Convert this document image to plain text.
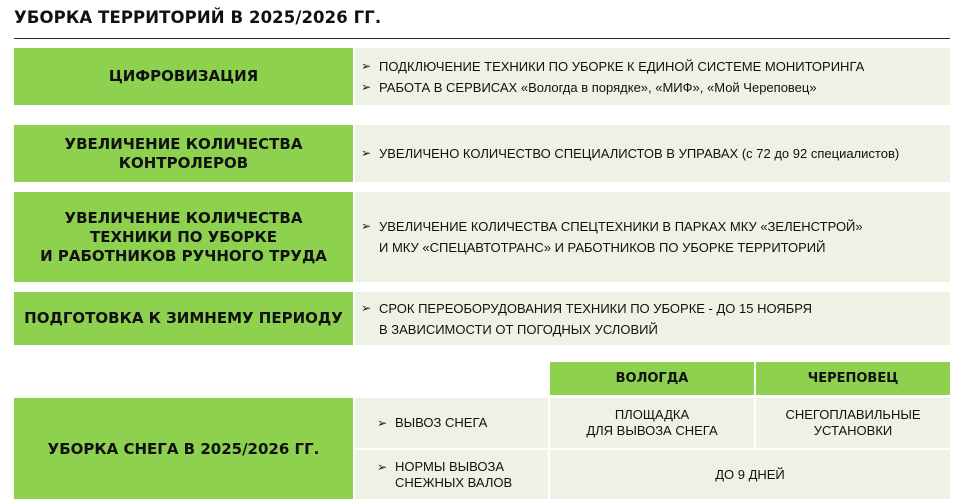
УБОРКА ТЕРРИТОРИЙ В 2025/2026 ГГ.
ЦИФРОВИЗАЦИЯ
➢ ПОДКЛЮЧЕНИЕ ТЕХНИКИ ПО УБОРКЕ К ЕДИНОЙ СИСТЕМЕ МОНИТОРИНГА
➢ РАБОТА В СЕРВИСАХ «Вологда в порядке», «МИФ», «Мой Череповец»
УВЕЛИЧЕНИЕ КОЛИЧЕСТВА
КОНТРОЛЕРОВ
➢ УВЕЛИЧЕНО КОЛИЧЕСТВО СПЕЦИАЛИСТОВ В УПРАВАХ (с 72 до 92 специалистов)
УВЕЛИЧЕНИЕ КОЛИЧЕСТВА
ТЕХНИКИ ПО УБОРКЕ
И РАБОТНИКОВ РУЧНОГО ТРУДА
➢ УВЕЛИЧЕНИЕ КОЛИЧЕСТВА СПЕЦТЕХНИКИ В ПАРКАХ МКУ «ЗЕЛЕНСТРОЙ»
И МКУ «СПЕЦАВТОТРАНС» И РАБОТНИКОВ ПО УБОРКЕ ТЕРРИТОРИЙ
ПОДГОТОВКА К ЗИМНЕМУ ПЕРИОДУ
➢ СРОК ПЕРЕОБОРУДОВАНИЯ ТЕХНИКИ ПО УБОРКЕ - ДО 15 НОЯБРЯ
В ЗАВИСИМОСТИ ОТ ПОГОДНЫХ УСЛОВИЙ
ВОЛОГДА	ЧЕРЕПОВЕЦ
УБОРКА СНЕГА В 2025/2026 ГГ.
➢ ВЫВОЗ СНЕГА
ПЛОЩАДКА
ДЛЯ ВЫВОЗА СНЕГА
СНЕГОПЛАВИЛЬНЫЕ
УСТАНОВКИ
➢ НОРМЫ ВЫВОЗА
СНЕЖНЫХ ВАЛОВ
ДО 9 ДНЕЙ
